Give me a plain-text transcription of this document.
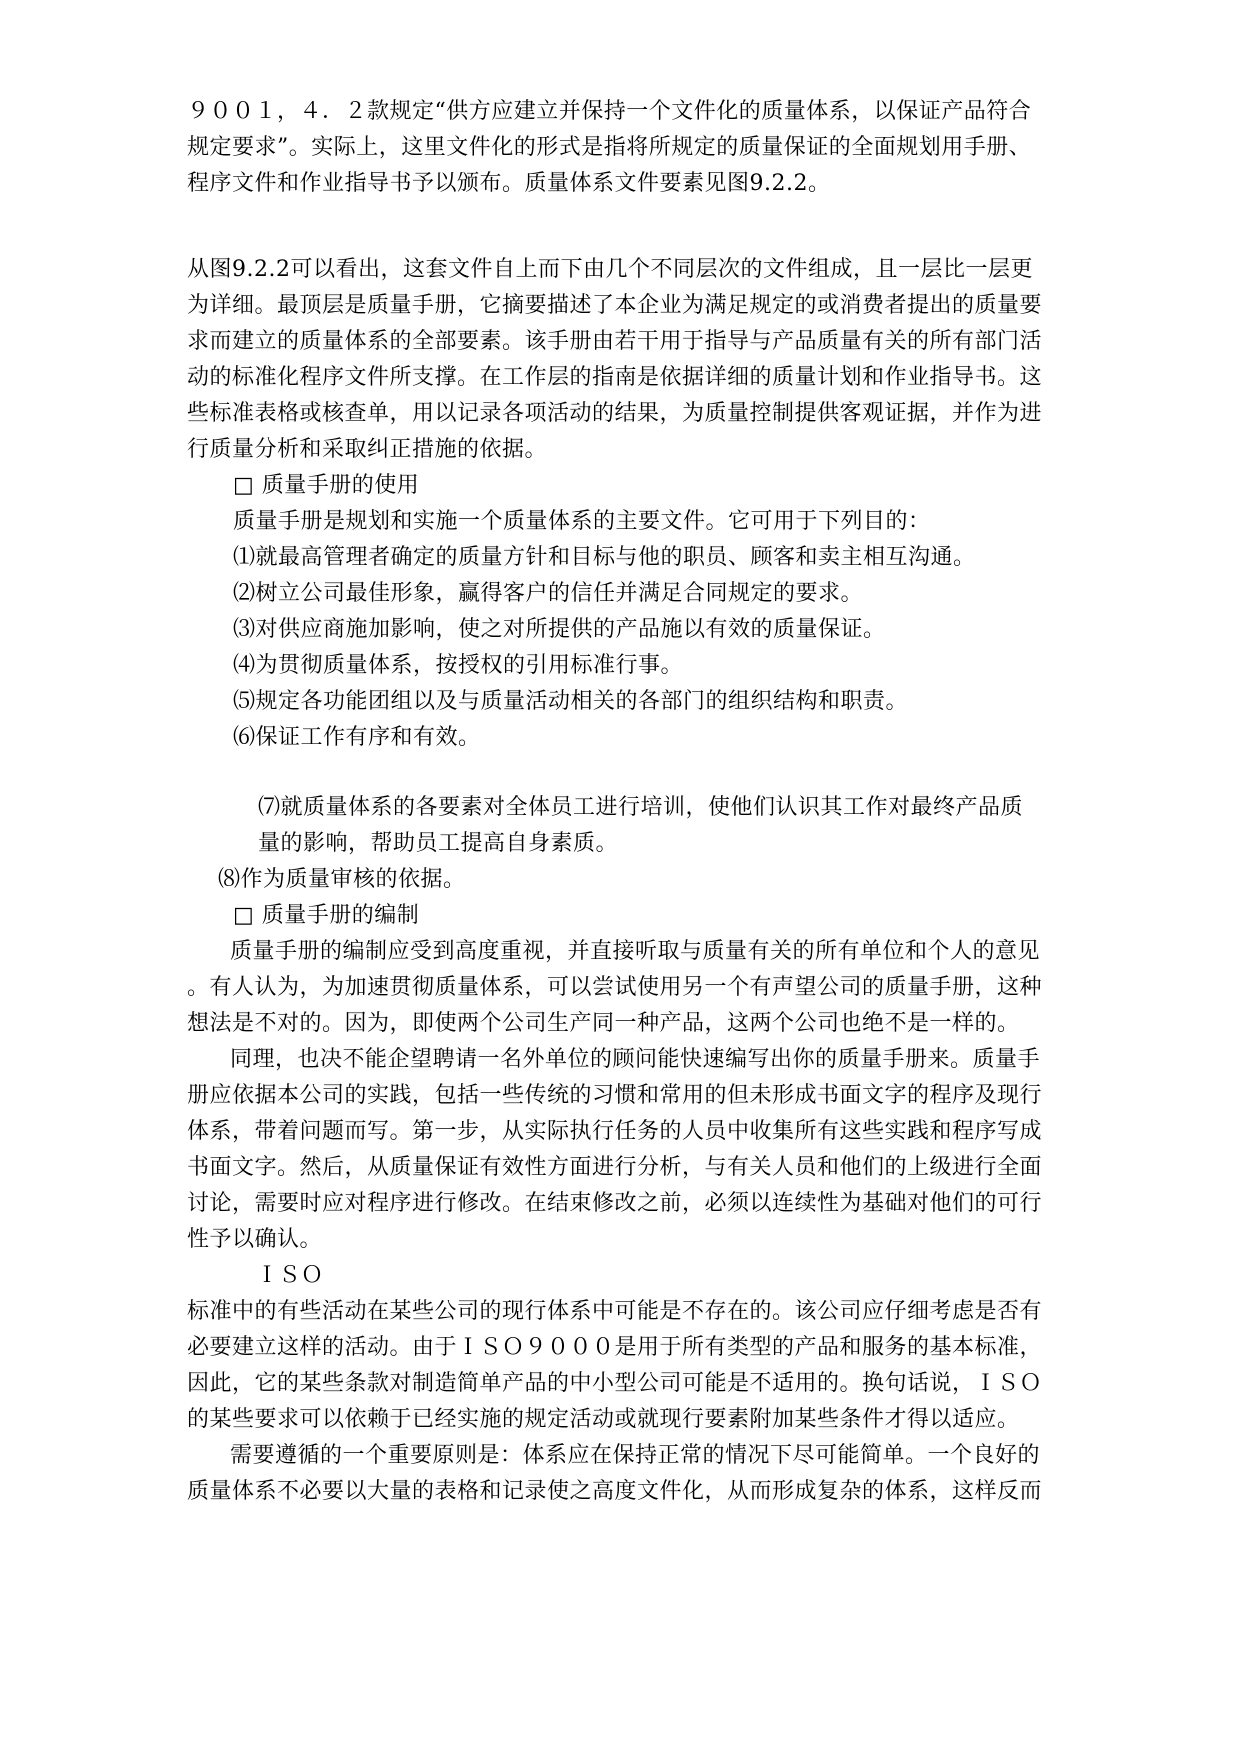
９００１，４．２款规定“供方应建立并保持一个文件化的质量体系，以保证产品符合
规定要求”。实际上，这里文件化的形式是指将所规定的质量保证的全面规划用手册、
程序文件和作业指导书予以颁布。质量体系文件要素见图9.2.2。
从图9.2.2可以看出，这套文件自上而下由几个不同层次的文件组成，且一层比一层更
为详细。最顶层是质量手册，它摘要描述了本企业为满足规定的或消费者提出的质量要
求而建立的质量体系的全部要素。该手册由若干用于指导与产品质量有关的所有部门活
动的标准化程序文件所支撑。在工作层的指南是依据详细的质量计划和作业指导书。这
些标准表格或核查单，用以记录各项活动的结果，为质量控制提供客观证据，并作为进
行质量分析和采取纠正措施的依据。
□ 质量手册的使用
质量手册是规划和实施一个质量体系的主要文件。它可用于下列目的：
⑴就最高管理者确定的质量方针和目标与他的职员、顾客和卖主相互沟通。
⑵树立公司最佳形象，赢得客户的信任并满足合同规定的要求。
⑶对供应商施加影响，使之对所提供的产品施以有效的质量保证。
⑷为贯彻质量体系，按授权的引用标准行事。
⑸规定各功能团组以及与质量活动相关的各部门的组织结构和职责。
⑹保证工作有序和有效。
⑺就质量体系的各要素对全体员工进行培训，使他们认识其工作对最终产品质
量的影响，帮助员工提高自身素质。
⑻作为质量审核的依据。
□ 质量手册的编制
质量手册的编制应受到高度重视，并直接听取与质量有关的所有单位和个人的意见
。有人认为，为加速贯彻质量体系，可以尝试使用另一个有声望公司的质量手册，这种
想法是不对的。因为，即使两个公司生产同一种产品，这两个公司也绝不是一样的。
同理，也决不能企望聘请一名外单位的顾问能快速编写出你的质量手册来。质量手
册应依据本公司的实践，包括一些传统的习惯和常用的但未形成书面文字的程序及现行
体系，带着问题而写。第一步，从实际执行任务的人员中收集所有这些实践和程序写成
书面文字。然后，从质量保证有效性方面进行分析，与有关人员和他们的上级进行全面
讨论，需要时应对程序进行修改。在结束修改之前，必须以连续性为基础对他们的可行
性予以确认。
ＩＳＯ
标准中的有些活动在某些公司的现行体系中可能是不存在的。该公司应仔细考虑是否有
必要建立这样的活动。由于ＩＳＯ９０００是用于所有类型的产品和服务的基本标准，
因此，它的某些条款对制造简单产品的中小型公司可能是不适用的。换句话说，ＩＳＯ
的某些要求可以依赖于已经实施的规定活动或就现行要素附加某些条件才得以适应。
需要遵循的一个重要原则是：体系应在保持正常的情况下尽可能简单。一个良好的
质量体系不必要以大量的表格和记录使之高度文件化，从而形成复杂的体系，这样反而
